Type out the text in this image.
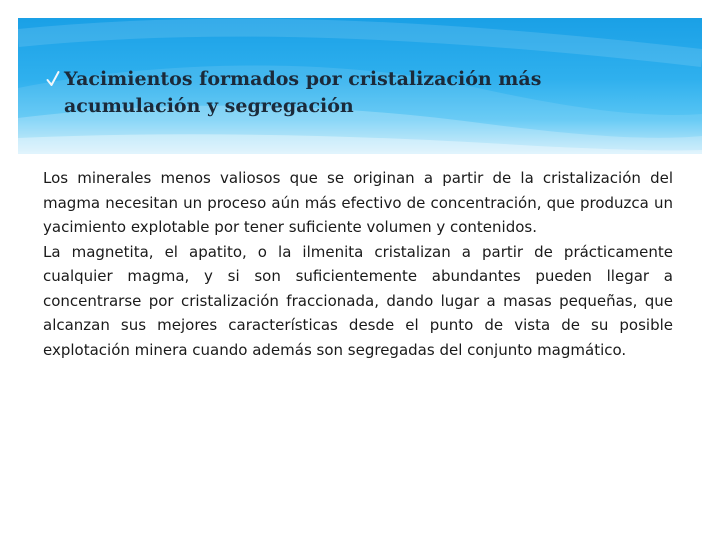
Yacimientos formados por cristalización más acumulación y segregación

Los minerales menos valiosos que se originan a partir de la cristalización del magma necesitan un proceso aún más efectivo de concentración, que produzca un yacimiento explotable por tener suficiente volumen y contenidos.

La magnetita, el apatito, o la ilmenita cristalizan a partir de prácticamente cualquier magma, y si son suficientemente abundantes pueden llegar a concentrarse por cristalización fraccionada, dando lugar a masas pequeñas, que alcanzan sus mejores características desde el punto de vista de su posible explotación minera cuando además son segregadas del conjunto magmático.
